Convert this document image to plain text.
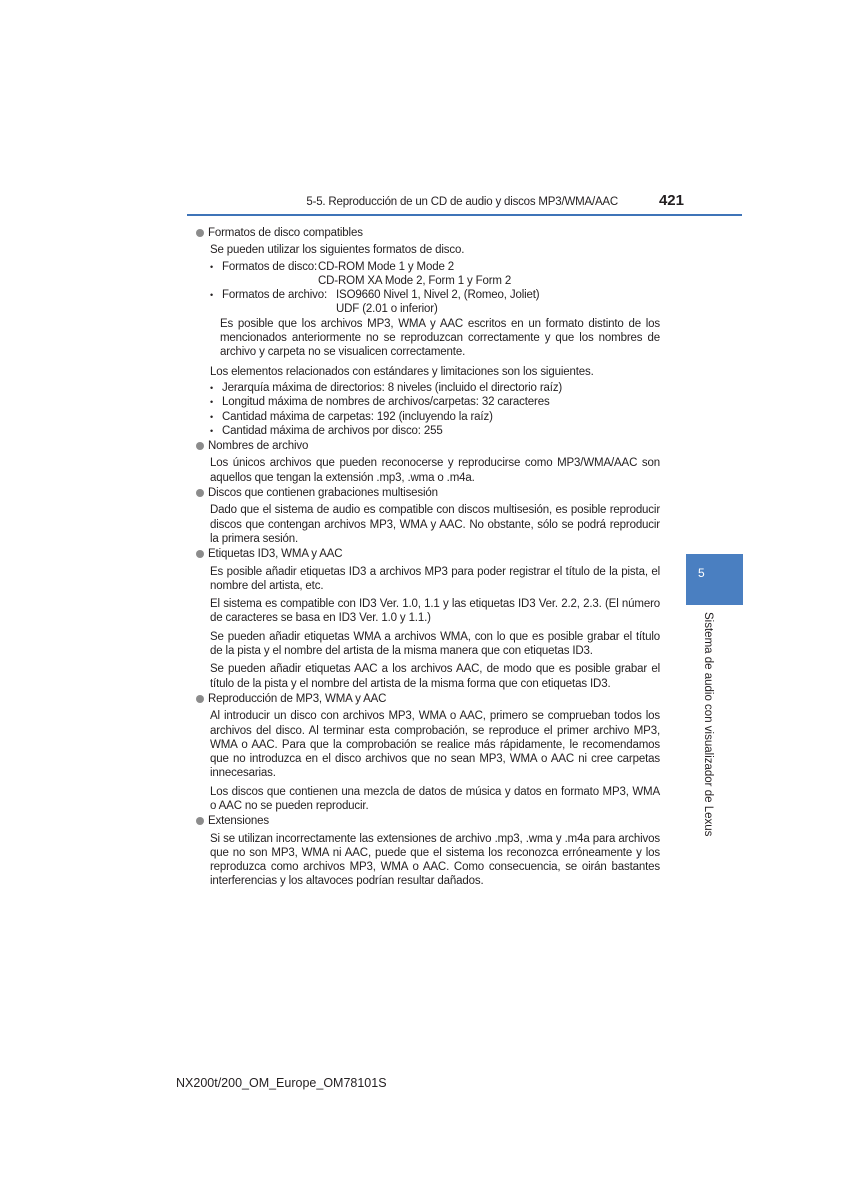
5-5. Reproducción de un CD de audio y discos MP3/WMA/AAC	421
Formatos de disco compatibles
Se pueden utilizar los siguientes formatos de disco.
• Formatos de disco: CD-ROM Mode 1 y Mode 2
CD-ROM XA Mode 2, Form 1 y Form 2
• Formatos de archivo: ISO9660 Nivel 1, Nivel 2, (Romeo, Joliet)
UDF (2.01 o inferior)
Es posible que los archivos MP3, WMA y AAC escritos en un formato distinto de los mencionados anteriormente no se reproduzcan correctamente y que los nombres de archivo y carpeta no se visualicen correctamente.
Los elementos relacionados con estándares y limitaciones son los siguientes.
• Jerarquía máxima de directorios: 8 niveles (incluido el directorio raíz)
• Longitud máxima de nombres de archivos/carpetas: 32 caracteres
• Cantidad máxima de carpetas: 192 (incluyendo la raíz)
• Cantidad máxima de archivos por disco: 255
Nombres de archivo
Los únicos archivos que pueden reconocerse y reproducirse como MP3/WMA/AAC son aquellos que tengan la extensión .mp3, .wma o .m4a.
Discos que contienen grabaciones multisesión
Dado que el sistema de audio es compatible con discos multisesión, es posible reproducir discos que contengan archivos MP3, WMA y AAC. No obstante, sólo se podrá reproducir la primera sesión.
Etiquetas ID3, WMA y AAC
Es posible añadir etiquetas ID3 a archivos MP3 para poder registrar el título de la pista, el nombre del artista, etc.
El sistema es compatible con ID3 Ver. 1.0, 1.1 y las etiquetas ID3 Ver. 2.2, 2.3. (El número de caracteres se basa en ID3 Ver. 1.0 y 1.1.)
Se pueden añadir etiquetas WMA a archivos WMA, con lo que es posible grabar el título de la pista y el nombre del artista de la misma manera que con etiquetas ID3.
Se pueden añadir etiquetas AAC a los archivos AAC, de modo que es posible grabar el título de la pista y el nombre del artista de la misma forma que con etiquetas ID3.
Reproducción de MP3, WMA y AAC
Al introducir un disco con archivos MP3, WMA o AAC, primero se comprueban todos los archivos del disco. Al terminar esta comprobación, se reproduce el primer archivo MP3, WMA o AAC. Para que la comprobación se realice más rápidamente, le recomendamos que no introduzca en el disco archivos que no sean MP3, WMA o AAC ni cree carpetas innecesarias.
Los discos que contienen una mezcla de datos de música y datos en formato MP3, WMA o AAC no se pueden reproducir.
Extensiones
Si se utilizan incorrectamente las extensiones de archivo .mp3, .wma y .m4a para archivos que no son MP3, WMA ni AAC, puede que el sistema los reconozca erróneamente y los reproduzca como archivos MP3, WMA o AAC. Como consecuencia, se oirán bastantes interferencias y los altavoces podrían resultar dañados.
5
Sistema de audio con visualizador de Lexus
NX200t/200_OM_Europe_OM78101S
